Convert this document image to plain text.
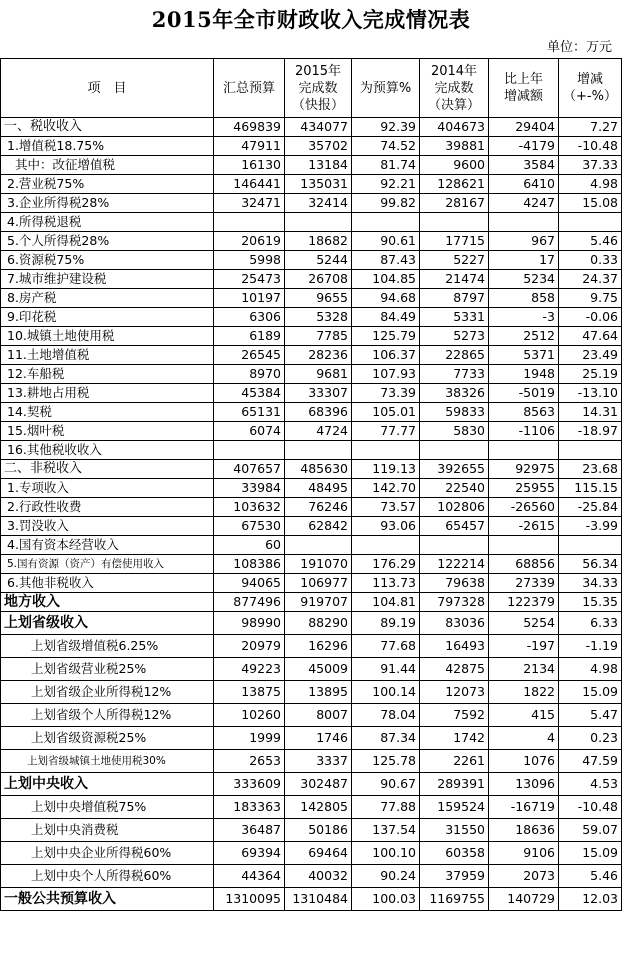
2015年全市财政收入完成情况表
单位：万元
项　目	汇总预算	2015年
完成数
（快报）	为预算%	2014年
完成数
（决算）	比上年
增减额	增减
（+-%）

一、税收收入	469839	434077	92.39	404673	29404	7.27
1.增值税18.75%	47911	35702	74.52	39881	-4179	-10.48
其中：改征增值税	16130	13184	81.74	9600	3584	37.33
2.营业税75%	146441	135031	92.21	128621	6410	4.98
3.企业所得税28%	32471	32414	99.82	28167	4247	15.08
4.所得税退税						
5.个人所得税28%	20619	18682	90.61	17715	967	5.46
6.资源税75%	5998	5244	87.43	5227	17	0.33
7.城市维护建设税	25473	26708	104.85	21474	5234	24.37
8.房产税	10197	9655	94.68	8797	858	9.75
9.印花税	6306	5328	84.49	5331	-3	-0.06
10.城镇土地使用税	6189	7785	125.79	5273	2512	47.64
11.土地增值税	26545	28236	106.37	22865	5371	23.49
12.车船税	8970	9681	107.93	7733	1948	25.19
13.耕地占用税	45384	33307	73.39	38326	-5019	-13.10
14.契税	65131	68396	105.01	59833	8563	14.31
15.烟叶税	6074	4724	77.77	5830	-1106	-18.97
16.其他税收收入						
二、非税收入	407657	485630	119.13	392655	92975	23.68
1.专项收入	33984	48495	142.70	22540	25955	115.15
2.行政性收费	103632	76246	73.57	102806	-26560	-25.84
3.罚没收入	67530	62842	93.06	65457	-2615	-3.99
4.国有资本经营收入	60					
5.国有资源（资产）有偿使用收入	108386	191070	176.29	122214	68856	56.34
6.其他非税收入	94065	106977	113.73	79638	27339	34.33
地方收入	877496	919707	104.81	797328	122379	15.35
上划省级收入	98990	88290	89.19	83036	5254	6.33
上划省级增值税6.25%	20979	16296	77.68	16493	-197	-1.19
上划省级营业税25%	49223	45009	91.44	42875	2134	4.98
上划省级企业所得税12%	13875	13895	100.14	12073	1822	15.09
上划省级个人所得税12%	10260	8007	78.04	7592	415	5.47
上划省级资源税25%	1999	1746	87.34	1742	4	0.23
上划省级城镇土地使用税30%	2653	3337	125.78	2261	1076	47.59
上划中央收入	333609	302487	90.67	289391	13096	4.53
上划中央增值税75%	183363	142805	77.88	159524	-16719	-10.48
上划中央消费税	36487	50186	137.54	31550	18636	59.07
上划中央企业所得税60%	69394	69464	100.10	60358	9106	15.09
上划中央个人所得税60%	44364	40032	90.24	37959	2073	5.46
一般公共预算收入	1310095	1310484	100.03	1169755	140729	12.03
